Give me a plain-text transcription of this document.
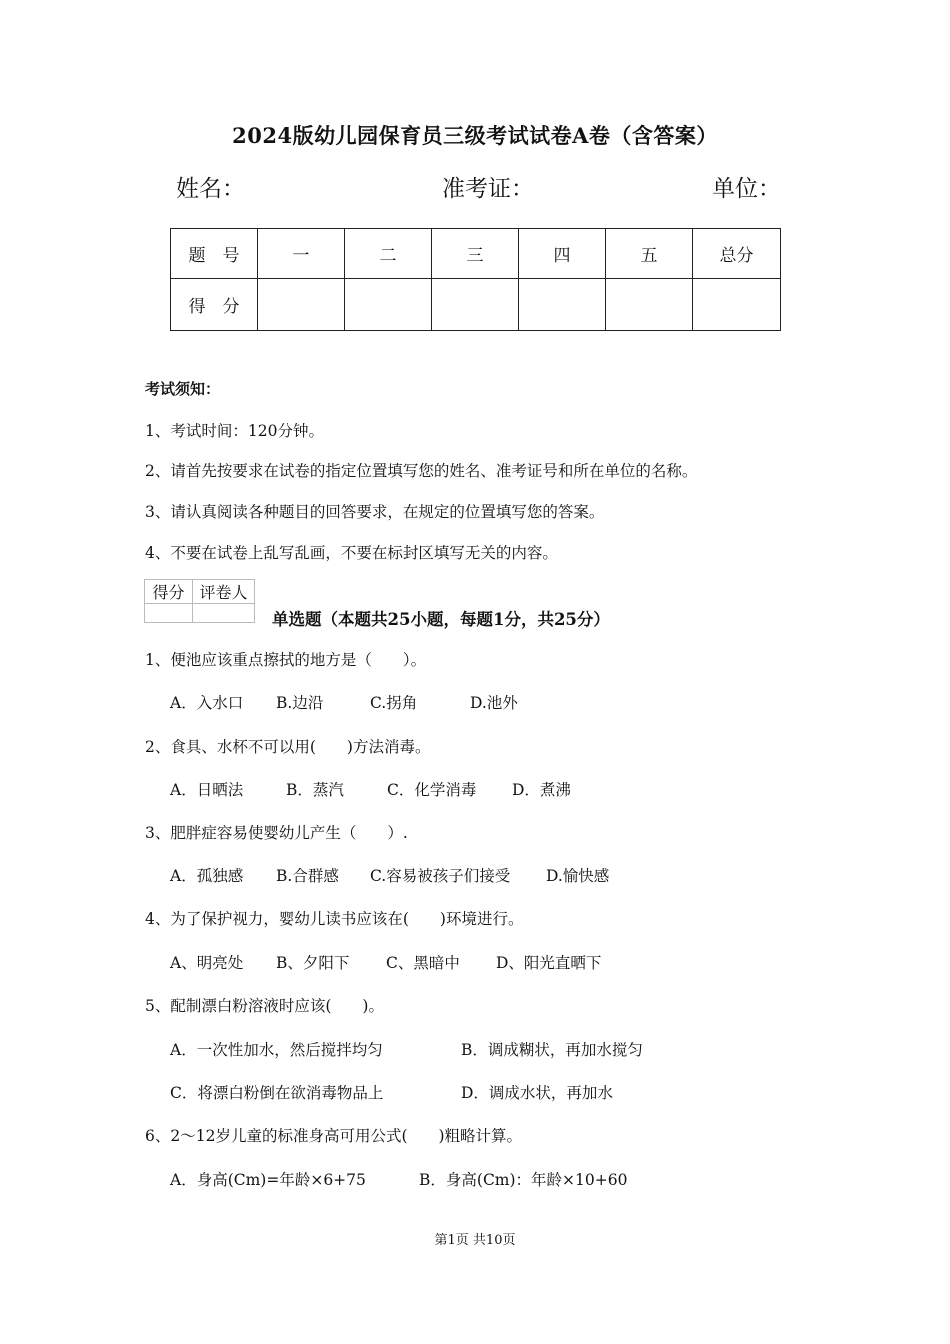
2024版幼儿园保育员三级考试试卷A卷（含答案）
姓名：	准考证：	单位：
题　号	一	二	三	四	五	总分
得　分						
考试须知：
1、考试时间：120分钟。
2、请首先按要求在试卷的指定位置填写您的姓名、准考证号和所在单位的名称。
3、请认真阅读各种题目的回答要求，在规定的位置填写您的答案。
4、不要在试卷上乱写乱画，不要在标封区填写无关的内容。
得分	评卷人

单选题（本题共25小题，每题1分，共25分）
1、便池应该重点擦拭的地方是（　　）。
A．入水口 B.边沿	C.拐角	D.池外
2、食具、水杯不可以用(　　)方法消毒。
A．日晒法	B．蒸汽	C．化学消毒 D．煮沸
3、肥胖症容易使婴幼儿产生（　　）.
A．孤独感 B.合群感 C.容易被孩子们接受 D.愉快感
4、为了保护视力，婴幼儿读书应该在(　　)环境进行。
A、明亮处 B、夕阳下 C、黑暗中 D、阳光直晒下
5、配制漂白粉溶液时应该(　　)。
A．一次性加水，然后搅拌均匀	B．调成糊状，再加水搅匀
C．将漂白粉倒在欲消毒物品上	D．调成水状，再加水
6、2～12岁儿童的标准身高可用公式(　　)粗略计算。
A．身高(Cm)=年龄×6+75	B．身高(Cm)：年龄×10+60
第1页 共10页
